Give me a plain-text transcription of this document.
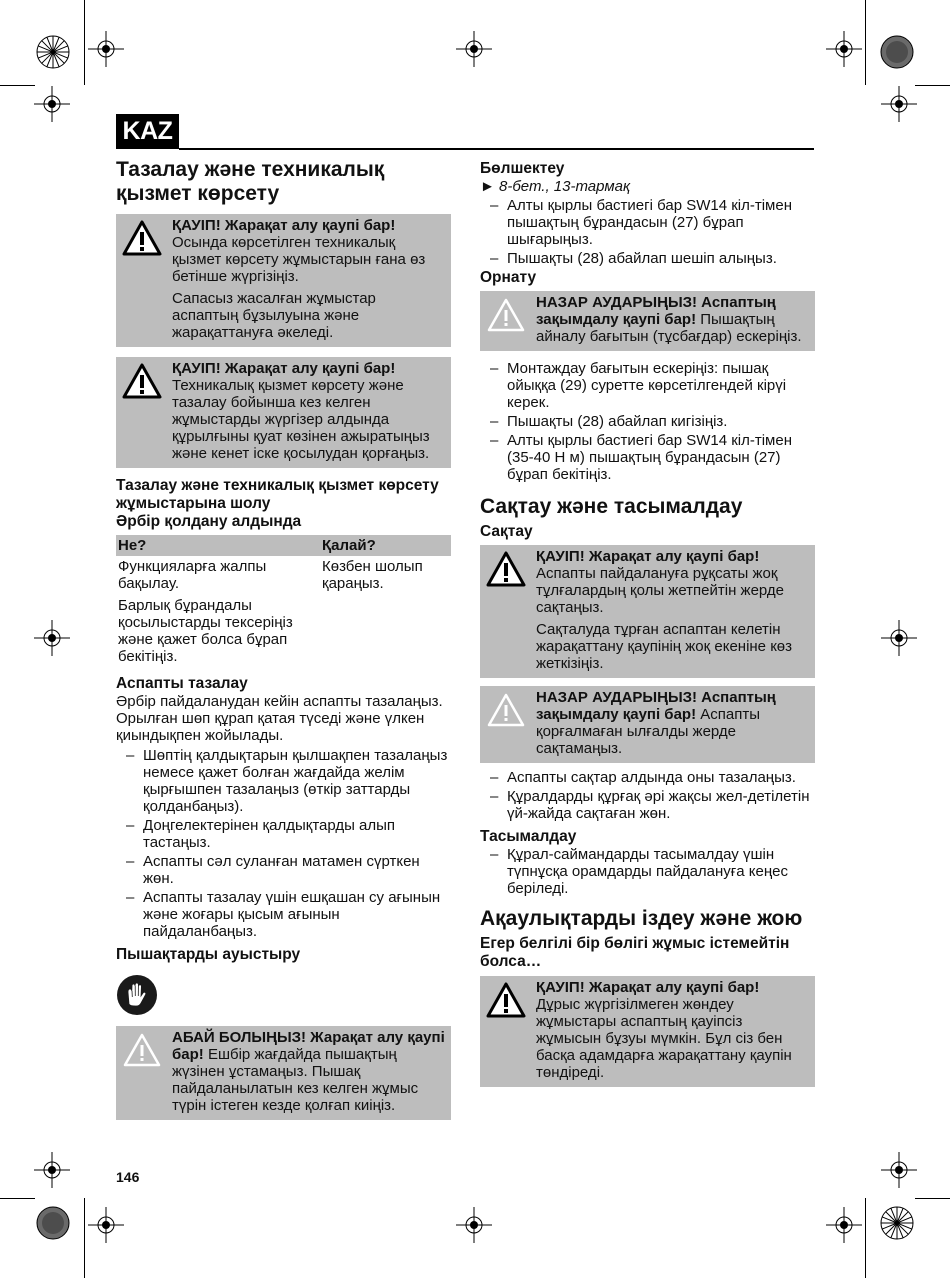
KAZ
Тазалау және техникалық қызмет көрсету

ҚАУІП! Жарақат алу қаупі бар!
Осында көрсетілген техникалық қызмет көрсету жұмыстарын ғана өз бетінше жүргізіңіз.

Сапасыз жасалған жұмыстар аспаптың бұзылуына және жарақаттануға әкеледі.

ҚАУІП! Жарақат алу қаупі бар!
Техникалық қызмет көрсету және тазалау бойынша кез келген жұмыстарды жүргізер алдында құрылғыны қуат көзінен ажыратыңыз және кенет іске қосылудан қорғаңыз.

Тазалау және техникалық қызмет көрсету жұмыстарына шолу
Әрбір қолдану алдында
Не?	Қалай?
Функцияларға жалпы бақылау.	Көзбен шолып қараңыз.
Барлық бұрандалы қосылыстарды тексеріңіз және қажет болса бұрап бекітіңіз.	
Аспапты тазалау
Әрбір пайдаланудан кейін аспапты тазалаңыз. Орылған шөп құрап қатая түседі және үлкен қиындықпен жойылады.
– Шөптің қалдықтарын қылшақпен тазалаңыз немесе қажет болған жағдайда желім қырғышпен тазалаңыз (өткір заттарды қолданбаңыз).
– Доңгелектерінен қалдықтарды алып тастаңыз.
– Аспапты сәл суланған матамен сүрткен жөн.
– Аспапты тазалау үшін ешқашан су ағынын және жоғары қысым ағынын пайдаланбаңыз.
Пышақтарды ауыстыру

АБАЙ БОЛЫҢЫЗ! Жарақат алу қаупі бар! Ешбір жағдайда пышақтың жүзінен ұстамаңыз. Пышақ пайдаланылатын кез келген жұмыс түрін істеген кезде қолғап киіңіз.

Бөлшектеу
► 8-бет., 13-тармақ
– Алты қырлы бастиегі бар SW14 кіл-тімен пышақтың бұрандасын (27) бұрап шығарыңыз.
– Пышақты (28) абайлап шешіп алыңыз.
Орнату

НАЗАР АУДАРЫҢЫЗ! Аспаптың зақымдалу қаупі бар! Пышақтың айналу бағытын (тұсбағдар) ескеріңіз.

– Монтаждау бағытын ескеріңіз: пышақ ойыққа (29) суретте көрсетілгендей кірүі керек.
– Пышақты (28) абайлап кигізіңіз.
– Алты қырлы бастиегі бар SW14 кіл-тімен (35-40 Н м) пышақтың бұрандасын (27) бұрап бекітіңіз.
Сақтау және тасымалдау
Сақтау

ҚАУІП! Жарақат алу қаупі бар!
Аспапты пайдалануға рұқсаты жоқ тұлғалардың қолы жетпейтін жерде сақтаңыз.

Сақталуда тұрған аспаптан келетін жарақаттану қаупінің жоқ екеніне көз жеткізіңіз.

НАЗАР АУДАРЫҢЫЗ! Аспаптың зақымдалу қаупі бар! Аспапты қорғалмаған ылғалды жерде сақтамаңыз.

– Аспапты сақтар алдында оны тазалаңыз.
– Құралдарды құрғақ әрі жақсы жел-детілетін үй-жайда сақтаған жөн.
Тасымалдау
– Құрал-саймандарды тасымалдау үшін түпнұсқа орамдарды пайдалануға кеңес беріледі.
Ақаулықтарды іздеу және жою
Егер белгілі бір бөлігі жұмыс істемейтін болса…

ҚАУІП! Жарақат алу қаупі бар!
Дұрыс жүргізілмеген жөндеу жұмыстары аспаптың қауіпсіз жұмысын бұзуы мүмкін. Бұл сіз бен басқа адамдарға жарақаттану қаупін төндіреді.

146
